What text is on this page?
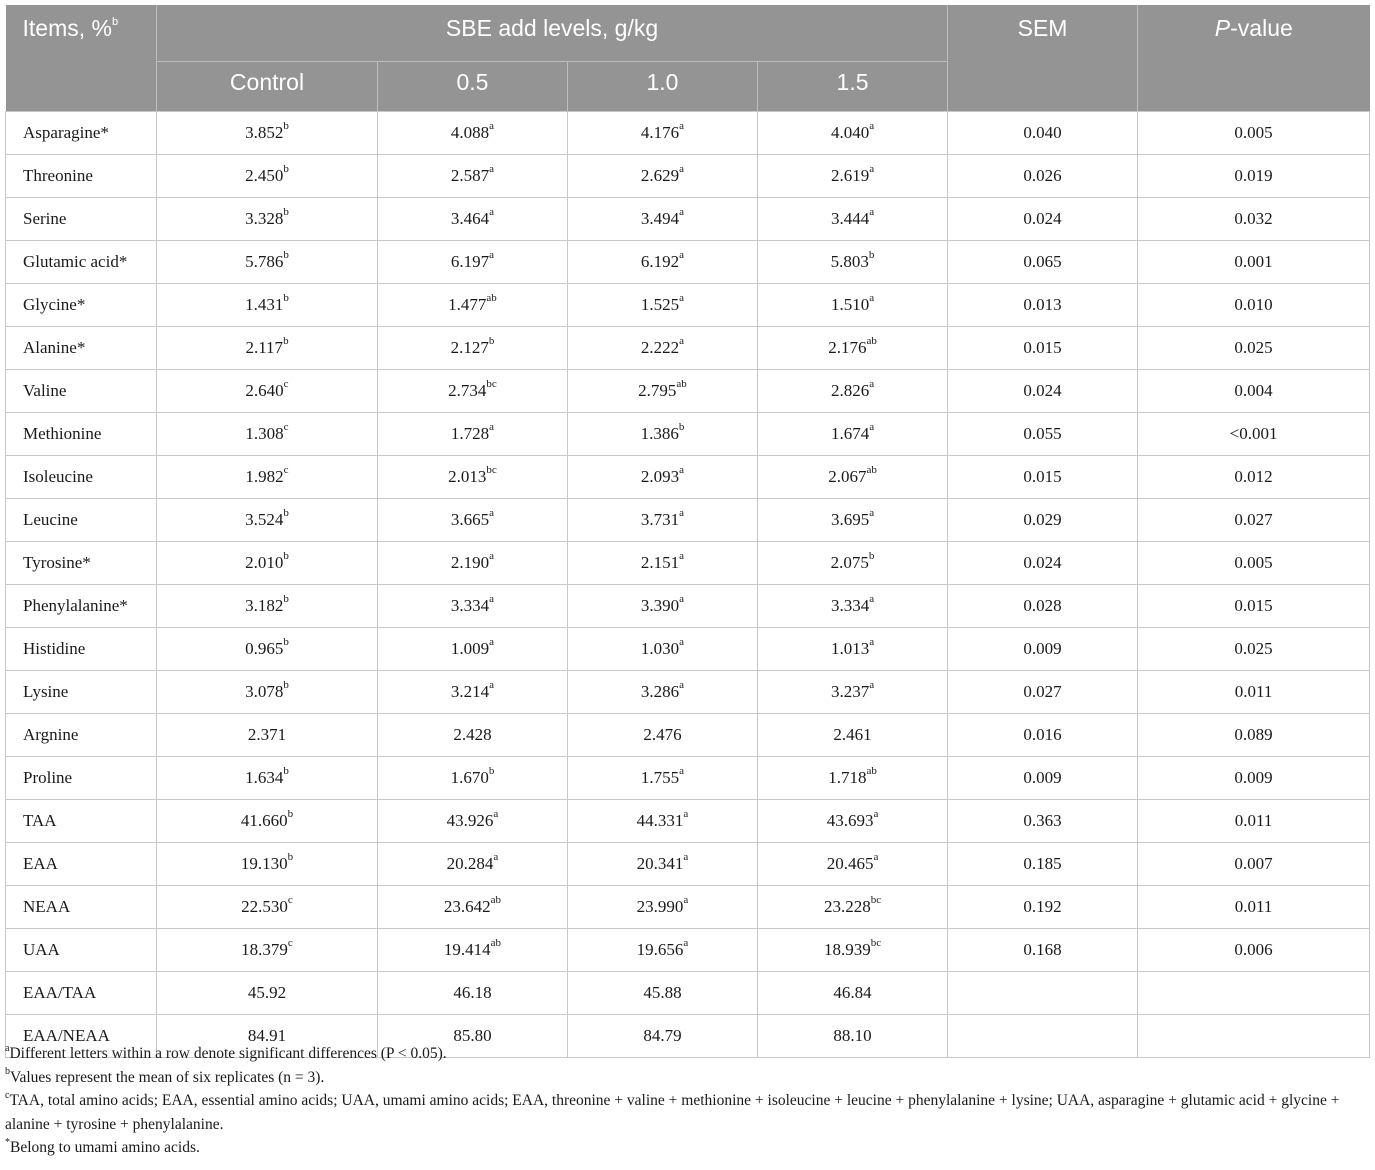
Items, %$^b$	SBE add levels, g/kg				SEM	P-value
	Control	0.5	1.0	1.5		
Asparagine*	3.852$^b$	4.088$^a$	4.176$^a$	4.040$^a$	0.040	0.005
Threonine	2.450$^b$	2.587$^a$	2.629$^a$	2.619$^a$	0.026	0.019
Serine	3.328$^b$	3.464$^a$	3.494$^a$	3.444$^a$	0.024	0.032
Glutamic acid*	5.786$^b$	6.197$^a$	6.192$^a$	5.803$^b$	0.065	0.001
Glycine*	1.431$^b$	1.477$^{ab}$	1.525$^a$	1.510$^a$	0.013	0.010
Alanine*	2.117$^b$	2.127$^b$	2.222$^a$	2.176$^{ab}$	0.015	0.025
Valine	2.640$^c$	2.734$^{bc}$	2.795$^{ab}$	2.826$^a$	0.024	0.004
Methionine	1.308$^c$	1.728$^a$	1.386$^b$	1.674$^a$	0.055	<0.001
Isoleucine	1.982$^c$	2.013$^{bc}$	2.093$^a$	2.067$^{ab}$	0.015	0.012
Leucine	3.524$^b$	3.665$^a$	3.731$^a$	3.695$^a$	0.029	0.027
Tyrosine*	2.010$^b$	2.190$^a$	2.151$^a$	2.075$^b$	0.024	0.005
Phenylalanine*	3.182$^b$	3.334$^a$	3.390$^a$	3.334$^a$	0.028	0.015
Histidine	0.965$^b$	1.009$^a$	1.030$^a$	1.013$^a$	0.009	0.025
Lysine	3.078$^b$	3.214$^a$	3.286$^a$	3.237$^a$	0.027	0.011
Argnine	2.371	2.428	2.476	2.461	0.016	0.089
Proline	1.634$^b$	1.670$^b$	1.755$^a$	1.718$^{ab}$	0.009	0.009
TAA	41.660$^b$	43.926$^a$	44.331$^a$	43.693$^a$	0.363	0.011
EAA	19.130$^b$	20.284$^a$	20.341$^a$	20.465$^a$	0.185	0.007
NEAA	22.530$^c$	23.642$^{ab}$	23.990$^a$	23.228$^{bc}$	0.192	0.011
UAA	18.379$^c$	19.414$^{ab}$	19.656$^a$	18.939$^{bc}$	0.168	0.006
EAA/TAA	45.92	46.18	45.88	46.84		
EAA/NEAA	84.91	85.80	84.79	88.10		

$^a$Different letters within a row denote significant differences (P < 0.05).

$^b$Values represent the mean of six replicates (n = 3).

$^c$TAA, total amino acids; EAA, essential amino acids; UAA, umami amino acids; EAA, threonine + valine + methionine + isoleucine + leucine + phenylalanine + lysine; UAA, asparagine + glutamic acid + glycine + alanine + tyrosine + phenylalanine.

*Belong to umami amino acids.
